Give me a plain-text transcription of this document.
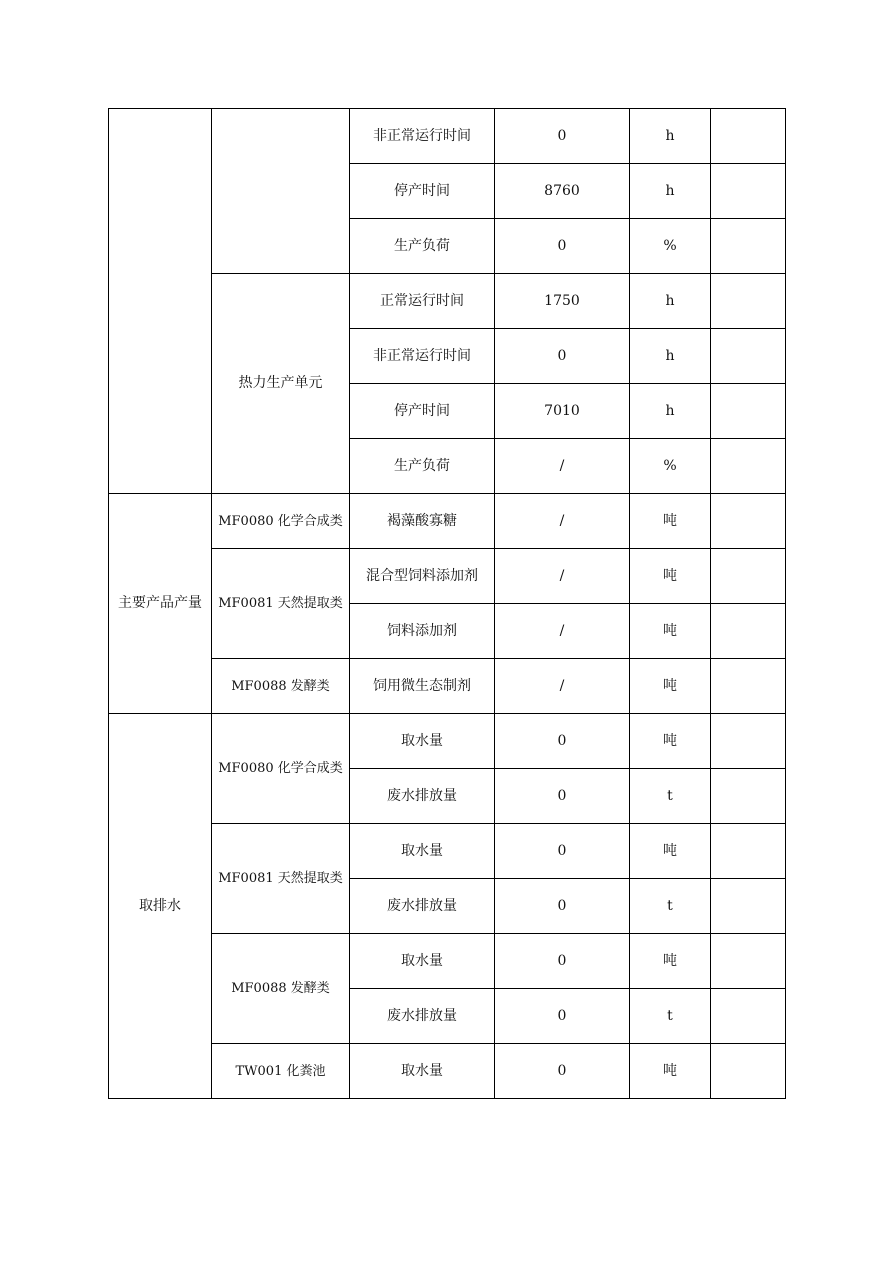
		非正常运行时间	0	h	
		停产时间	8760	h	
		生产负荷	0	%	
	热力生产单元	正常运行时间	1750	h	
		非正常运行时间	0	h	
		停产时间	7010	h	
		生产负荷	/	%	
主要产品产量	MF0080 化学合成类	褐藻酸寡糖	/	吨	
	MF0081 天然提取类	混合型饲料添加剂	/	吨	
		饲料添加剂	/	吨	
	MF0088 发酵类	饲用微生态制剂	/	吨	
取排水	MF0080 化学合成类	取水量	0	吨	
		废水排放量	0	t	
	MF0081 天然提取类	取水量	0	吨	
		废水排放量	0	t	
	MF0088 发酵类	取水量	0	吨	
		废水排放量	0	t	
	TW001 化粪池	取水量	0	吨	
